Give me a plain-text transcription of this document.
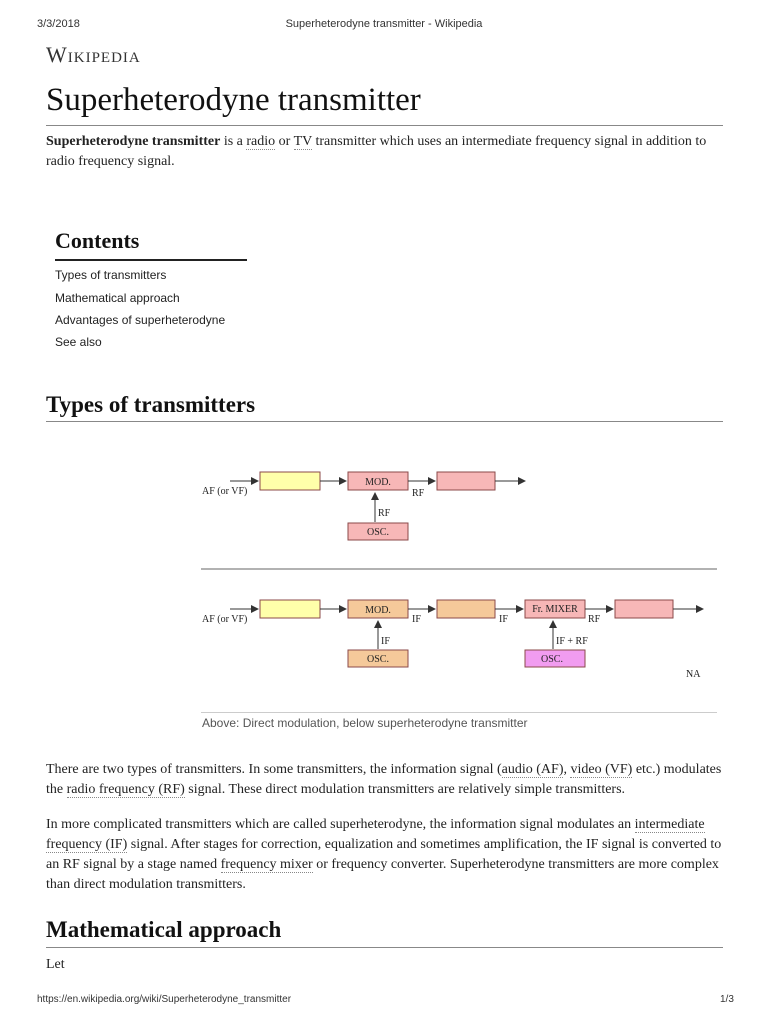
3/3/2018	Superheterodyne transmitter - Wikipedia
Wikipedia
Superheterodyne transmitter
Superheterodyne transmitter is a radio or TV transmitter which uses an intermediate frequency signal in addition to radio frequency signal.
Contents
Types of transmitters
Mathematical approach
Advantages of superheterodyne
See also
Types of transmitters
AF (or VF)
MOD.
RF
RF
OSC.
AF (or VF)
MOD.
IF	IF
Fr. MIXER
RF
IF
OSC.
IF + RF
OSC.
NA
Above: Direct modulation, below superheterodyne transmitter
There are two types of transmitters. In some transmitters, the information signal (audio (AF), video (VF) etc.) modulates the radio frequency (RF) signal. These direct modulation transmitters are relatively simple transmitters.
In more complicated transmitters which are called superheterodyne, the information signal modulates an intermediate frequency (IF) signal. After stages for correction, equalization and sometimes amplification, the IF signal is converted to an RF signal by a stage named frequency mixer or frequency converter. Superheterodyne transmitters are more complex than direct modulation transmitters.
Mathematical approach
Let
https://en.wikipedia.org/wiki/Superheterodyne_transmitter	1/3
